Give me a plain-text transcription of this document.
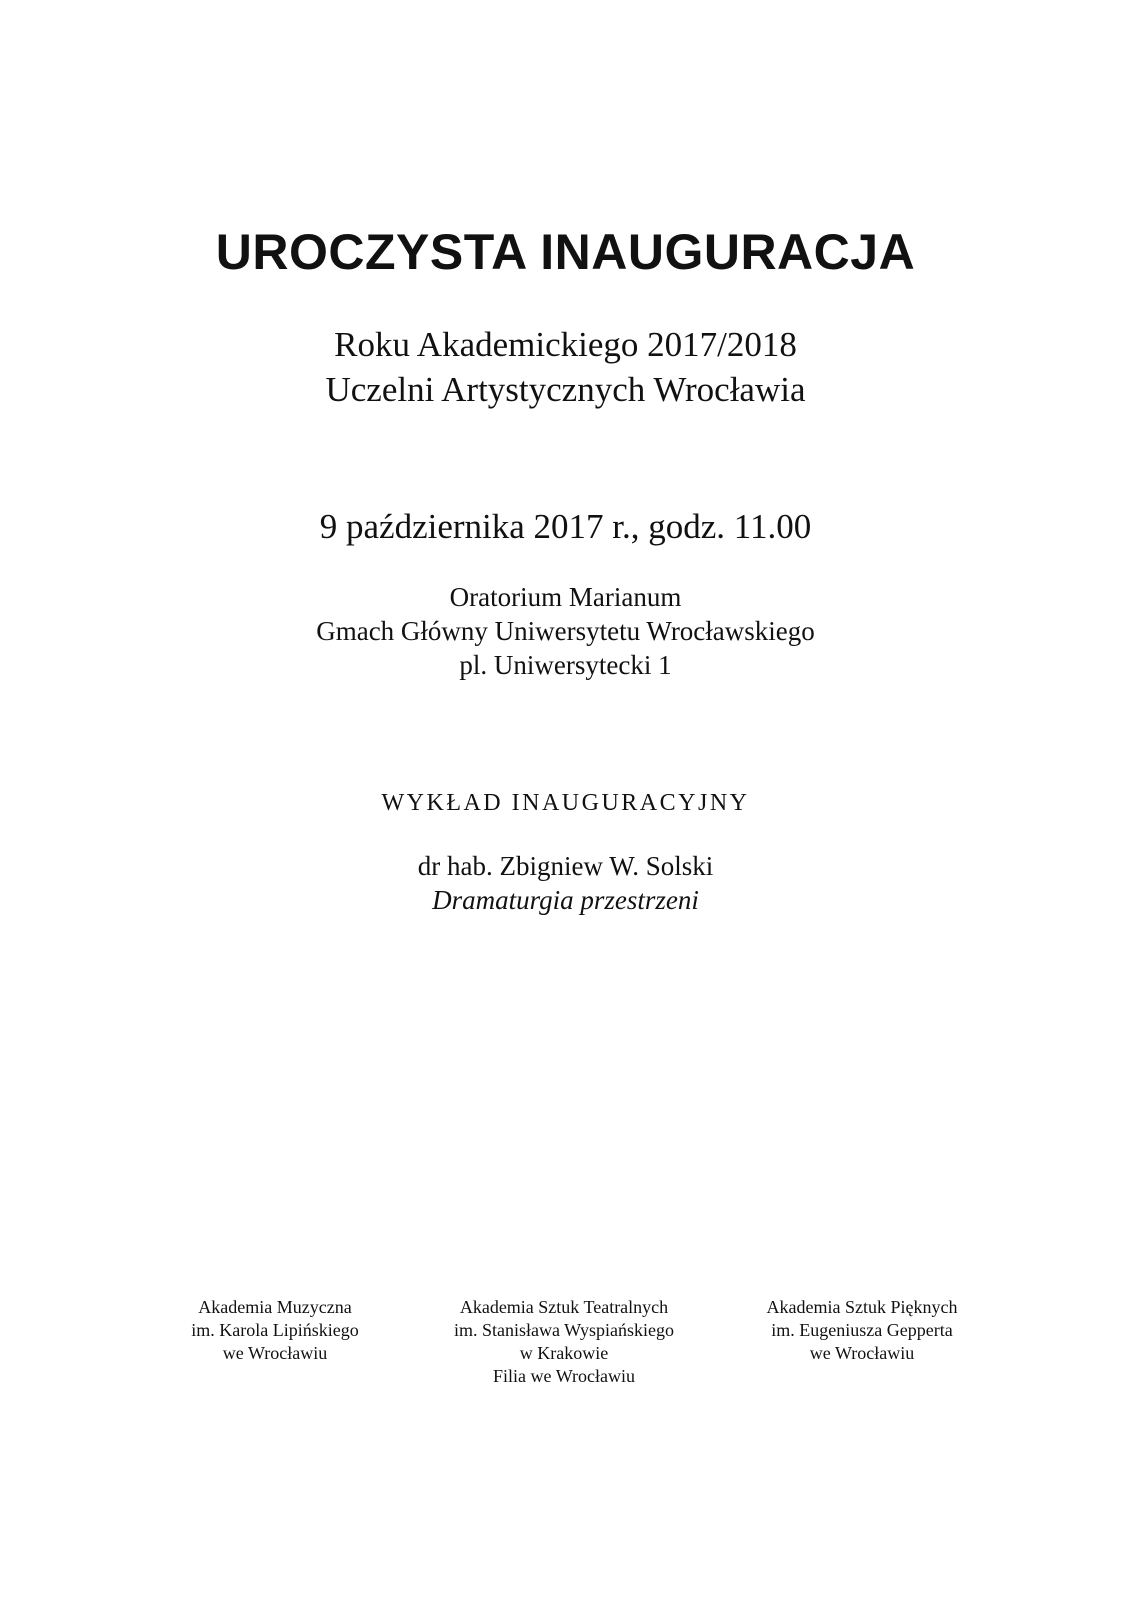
UROCZYSTA INAUGURACJA
Roku Akademickiego 2017/2018
Uczelni Artystycznych Wrocławia
9 października 2017 r., godz. 11.00
Oratorium Marianum
Gmach Główny Uniwersytetu Wrocławskiego
pl. Uniwersytecki 1
WYKŁAD INAUGURACYJNY
dr hab. Zbigniew W. Solski
Dramaturgia przestrzeni
Akademia Muzyczna
im. Karola Lipińskiego
we Wrocławiu
Akademia Sztuk Teatralnych
im. Stanisława Wyspiańskiego
w Krakowie
Filia we Wrocławiu
Akademia Sztuk Pięknych
im. Eugeniusza Gepperta
we Wrocławiu
